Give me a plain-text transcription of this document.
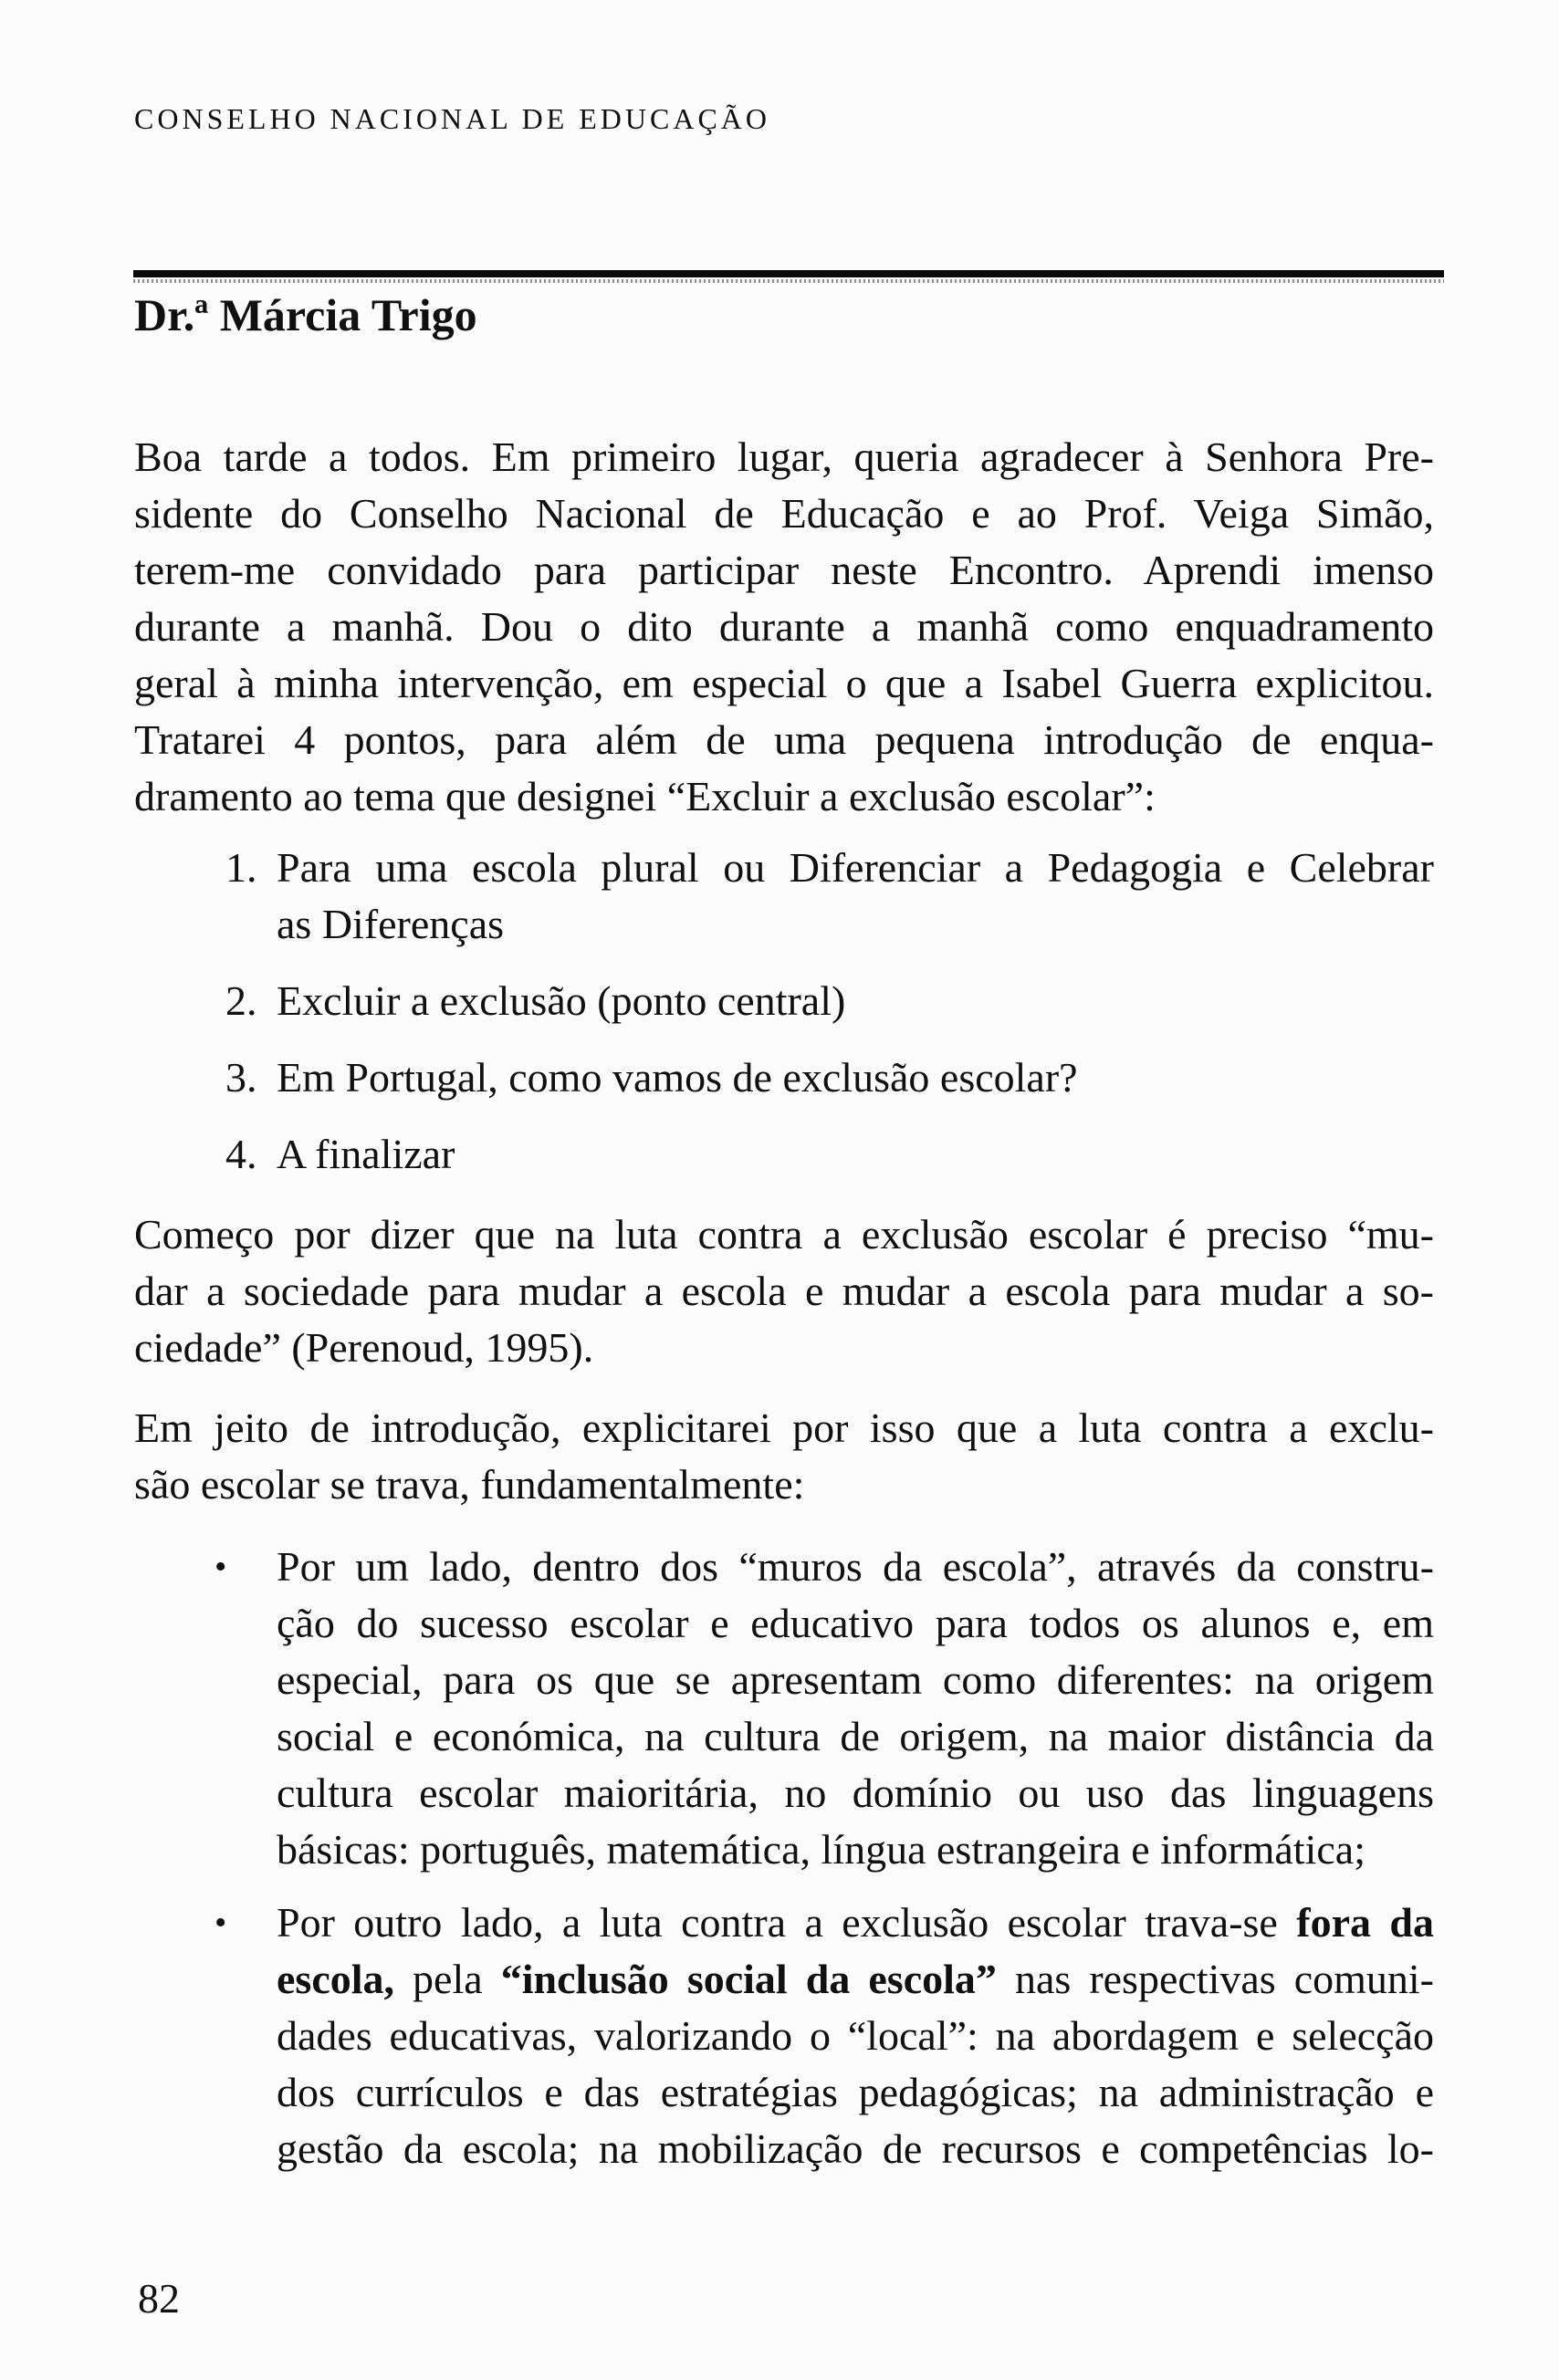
CONSELHO NACIONAL DE EDUCAÇÃO
Dr.ª Márcia Trigo
Boa tarde a todos. Em primeiro lugar, queria agradecer à Senhora Pre-
sidente do Conselho Nacional de Educação e ao Prof. Veiga Simão,
terem-me convidado para participar neste Encontro. Aprendi imenso
durante a manhã. Dou o dito durante a manhã como enquadramento
geral à minha intervenção, em especial o que a Isabel Guerra explicitou.
Tratarei 4 pontos, para além de uma pequena introdução de enqua-
dramento ao tema que designei “Excluir a exclusão escolar”:
1. Para uma escola plural ou Diferenciar a Pedagogia e Celebrar
as Diferenças
2. Excluir a exclusão (ponto central)
3. Em Portugal, como vamos de exclusão escolar?
4. A finalizar
Começo por dizer que na luta contra a exclusão escolar é preciso “mu-
dar a sociedade para mudar a escola e mudar a escola para mudar a so-
ciedade” (Perenoud, 1995).
Em jeito de introdução, explicitarei por isso que a luta contra a exclu-
são escolar se trava, fundamentalmente:
• Por um lado, dentro dos “muros da escola”, através da constru-
ção do sucesso escolar e educativo para todos os alunos e, em
especial, para os que se apresentam como diferentes: na origem
social e económica, na cultura de origem, na maior distância da
cultura escolar maioritária, no domínio ou uso das linguagens
básicas: português, matemática, língua estrangeira e informática;
• Por outro lado, a luta contra a exclusão escolar trava-se fora da
escola, pela “inclusão social da escola” nas respectivas comuni-
dades educativas, valorizando o “local”: na abordagem e selecção
dos currículos e das estratégias pedagógicas; na administração e
gestão da escola; na mobilização de recursos e competências lo-
82
